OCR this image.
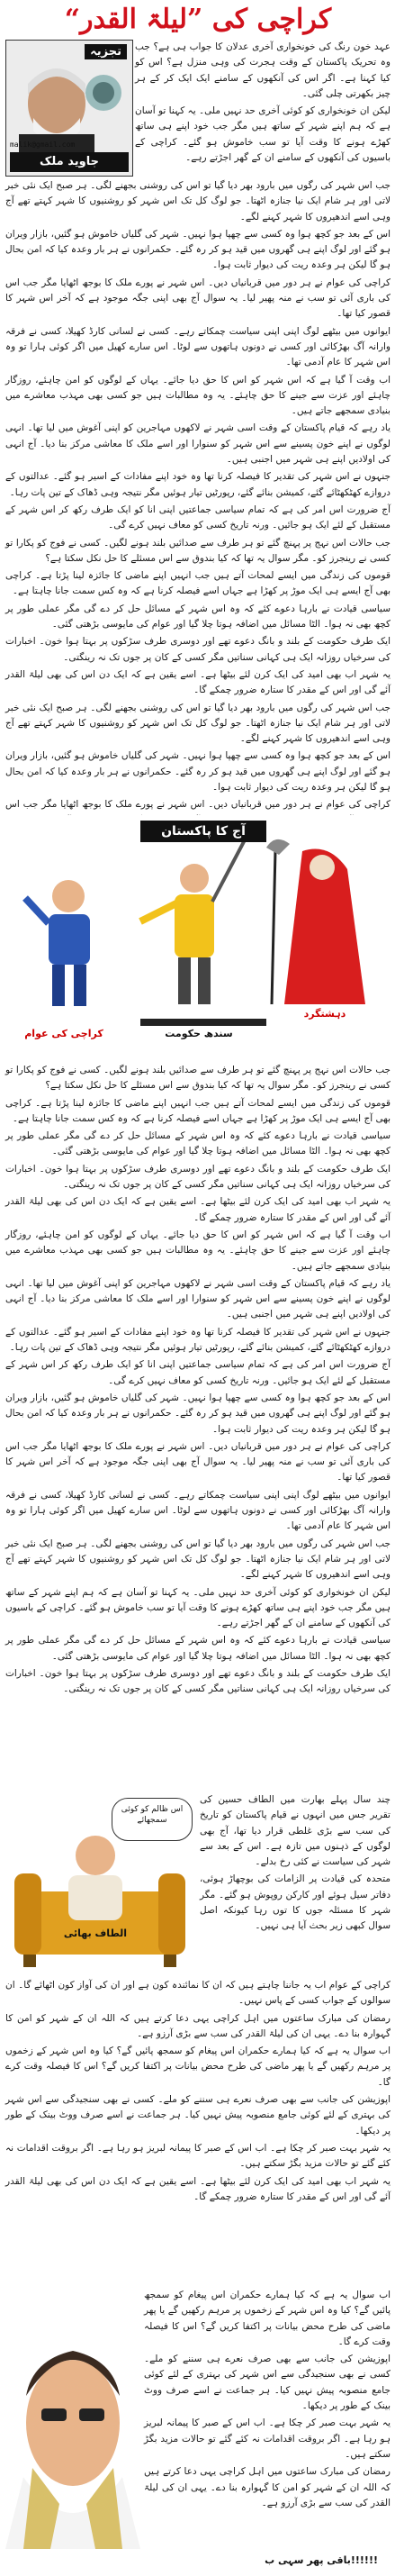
کراچی کی ”لیلۃ القدر“
تجزیہ
malik@gmail.com
جاوید ملک

عہد خون رنگ کی خونخواری آخری عدلان کا جواب ہی ہے؟ جب وہ تحریک پاکستان کے وقت ہجرت کی وہی منزل ہے؟ اس کو کیا کہنا ہے۔ اگر اس کی آنکھوں کے سامنے ایک ایک کر کے ہر چیز بکھرتی چلی گئی۔

لیکن ان خونخواری کو کوئی آخری حد نہیں ملی۔ یہ کہنا تو آسان ہے کہ ہم اپنے شہر کے ساتھ ہیں مگر جب خود اپنے ہی ساتھ کھڑے ہونے کا وقت آیا تو سب خاموش ہو گئے۔ کراچی کے باسیوں کی آنکھوں کے سامنے ان کے گھر اجڑتے رہے۔

جب اس شہر کی رگوں میں بارود بھر دیا گیا تو اس کی روشنی بجھنے لگی۔ ہر صبح ایک نئی خبر لاتی اور ہر شام ایک نیا جنازہ اٹھتا۔ جو لوگ کل تک اس شہر کو روشنیوں کا شہر کہتے تھے آج وہی اسے اندھیروں کا شہر کہنے لگے۔

اس کے بعد جو کچھ ہوا وہ کسی سے چھپا ہوا نہیں۔ شہر کی گلیاں خاموش ہو گئیں، بازار ویران ہو گئے اور لوگ اپنے ہی گھروں میں قید ہو کر رہ گئے۔ حکمرانوں نے ہر بار وعدہ کیا کہ امن بحال ہو گا لیکن ہر وعدہ ریت کی دیوار ثابت ہوا۔

کراچی کی عوام نے ہر دور میں قربانیاں دیں۔ اس شہر نے پورے ملک کا بوجھ اٹھایا مگر جب اس کی باری آئی تو سب نے منہ پھیر لیا۔ یہ سوال آج بھی اپنی جگہ موجود ہے کہ آخر اس شہر کا قصور کیا تھا۔

ایوانوں میں بیٹھے لوگ اپنی اپنی سیاست چمکاتے رہے۔ کسی نے لسانی کارڈ کھیلا، کسی نے فرقہ وارانہ آگ بھڑکائی اور کسی نے دونوں ہاتھوں سے لوٹا۔ اس سارے کھیل میں اگر کوئی ہارا تو وہ اس شہر کا عام آدمی تھا۔

اب وقت آ گیا ہے کہ اس شہر کو اس کا حق دیا جائے۔ یہاں کے لوگوں کو امن چاہئے، روزگار چاہئے اور عزت سے جینے کا حق چاہئے۔ یہ وہ مطالبات ہیں جو کسی بھی مہذب معاشرے میں بنیادی سمجھے جاتے ہیں۔

یاد رہے کہ قیام پاکستان کے وقت اسی شہر نے لاکھوں مہاجرین کو اپنی آغوش میں لیا تھا۔ انہی لوگوں نے اپنے خون پسینے سے اس شہر کو سنوارا اور اسے ملک کا معاشی مرکز بنا دیا۔ آج انہی کی اولادیں اپنے ہی شہر میں اجنبی ہیں۔

جنہوں نے اس شہر کی تقدیر کا فیصلہ کرنا تھا وہ خود اپنے مفادات کے اسیر ہو گئے۔ عدالتوں کے دروازے کھٹکھٹائے گئے، کمیشن بنائے گئے، رپورٹیں تیار ہوئیں مگر نتیجہ وہی ڈھاک کے تین پات رہا۔

آج ضرورت اس امر کی ہے کہ تمام سیاسی جماعتیں اپنی انا کو ایک طرف رکھ کر اس شہر کے مستقبل کے لئے ایک ہو جائیں۔ ورنہ تاریخ کسی کو معاف نہیں کرے گی۔

جب حالات اس نہج پر پہنچ گئے تو ہر طرف سے صدائیں بلند ہونے لگیں۔ کسی نے فوج کو پکارا تو کسی نے رینجرز کو۔ مگر سوال یہ تھا کہ کیا بندوق سے اس مسئلے کا حل نکل سکتا ہے؟

قوموں کی زندگی میں ایسے لمحات آتے ہیں جب انہیں اپنے ماضی کا جائزہ لینا پڑتا ہے۔ کراچی بھی آج ایسے ہی ایک موڑ پر کھڑا ہے جہاں اسے فیصلہ کرنا ہے کہ وہ کس سمت جانا چاہتا ہے۔

سیاسی قیادت نے بارہا دعوے کئے کہ وہ اس شہر کے مسائل حل کر دے گی مگر عملی طور پر کچھ بھی نہ ہوا۔ الٹا مسائل میں اضافہ ہوتا چلا گیا اور عوام کی مایوسی بڑھتی گئی۔

ایک طرف حکومت کے بلند و بانگ دعوے تھے اور دوسری طرف سڑکوں پر بہتا ہوا خون۔ اخبارات کی سرخیاں روزانہ ایک ہی کہانی سناتیں مگر کسی کے کان پر جوں تک نہ رینگتی۔

یہ شہر اب بھی امید کی ایک کرن لئے بیٹھا ہے۔ اسے یقین ہے کہ ایک دن اس کی بھی لیلۃ القدر آئے گی اور اس کے مقدر کا ستارہ ضرور چمکے گا۔

جب اس شہر کی رگوں میں بارود بھر دیا گیا تو اس کی روشنی بجھنے لگی۔ ہر صبح ایک نئی خبر لاتی اور ہر شام ایک نیا جنازہ اٹھتا۔ جو لوگ کل تک اس شہر کو روشنیوں کا شہر کہتے تھے آج وہی اسے اندھیروں کا شہر کہنے لگے۔

اس کے بعد جو کچھ ہوا وہ کسی سے چھپا ہوا نہیں۔ شہر کی گلیاں خاموش ہو گئیں، بازار ویران ہو گئے اور لوگ اپنے ہی گھروں میں قید ہو کر رہ گئے۔ حکمرانوں نے ہر بار وعدہ کیا کہ امن بحال ہو گا لیکن ہر وعدہ ریت کی دیوار ثابت ہوا۔

کراچی کی عوام نے ہر دور میں قربانیاں دیں۔ اس شہر نے پورے ملک کا بوجھ اٹھایا مگر جب اس

آج کا پاکستان
کراچی کی عوام	سندھ حکومت
دہشتگرد

جب حالات اس نہج پر پہنچ گئے تو ہر طرف سے صدائیں بلند ہونے لگیں۔ کسی نے فوج کو پکارا تو کسی نے رینجرز کو۔ مگر سوال یہ تھا کہ کیا بندوق سے اس مسئلے کا حل نکل سکتا ہے؟

قوموں کی زندگی میں ایسے لمحات آتے ہیں جب انہیں اپنے ماضی کا جائزہ لینا پڑتا ہے۔ کراچی بھی آج ایسے ہی ایک موڑ پر کھڑا ہے جہاں اسے فیصلہ کرنا ہے کہ وہ کس سمت جانا چاہتا ہے۔

سیاسی قیادت نے بارہا دعوے کئے کہ وہ اس شہر کے مسائل حل کر دے گی مگر عملی طور پر کچھ بھی نہ ہوا۔ الٹا مسائل میں اضافہ ہوتا چلا گیا اور عوام کی مایوسی بڑھتی گئی۔

ایک طرف حکومت کے بلند و بانگ دعوے تھے اور دوسری طرف سڑکوں پر بہتا ہوا خون۔ اخبارات کی سرخیاں روزانہ ایک ہی کہانی سناتیں مگر کسی کے کان پر جوں تک نہ رینگتی۔

یہ شہر اب بھی امید کی ایک کرن لئے بیٹھا ہے۔ اسے یقین ہے کہ ایک دن اس کی بھی لیلۃ القدر آئے گی اور اس کے مقدر کا ستارہ ضرور چمکے گا۔

اب وقت آ گیا ہے کہ اس شہر کو اس کا حق دیا جائے۔ یہاں کے لوگوں کو امن چاہئے، روزگار چاہئے اور عزت سے جینے کا حق چاہئے۔ یہ وہ مطالبات ہیں جو کسی بھی مہذب معاشرے میں بنیادی سمجھے جاتے ہیں۔

یاد رہے کہ قیام پاکستان کے وقت اسی شہر نے لاکھوں مہاجرین کو اپنی آغوش میں لیا تھا۔ انہی لوگوں نے اپنے خون پسینے سے اس شہر کو سنوارا اور اسے ملک کا معاشی مرکز بنا دیا۔ آج انہی کی اولادیں اپنے ہی شہر میں اجنبی ہیں۔

جنہوں نے اس شہر کی تقدیر کا فیصلہ کرنا تھا وہ خود اپنے مفادات کے اسیر ہو گئے۔ عدالتوں کے دروازے کھٹکھٹائے گئے، کمیشن بنائے گئے، رپورٹیں تیار ہوئیں مگر نتیجہ وہی ڈھاک کے تین پات رہا۔

آج ضرورت اس امر کی ہے کہ تمام سیاسی جماعتیں اپنی انا کو ایک طرف رکھ کر اس شہر کے مستقبل کے لئے ایک ہو جائیں۔ ورنہ تاریخ کسی کو معاف نہیں کرے گی۔

اس کے بعد جو کچھ ہوا وہ کسی سے چھپا ہوا نہیں۔ شہر کی گلیاں خاموش ہو گئیں، بازار ویران ہو گئے اور لوگ اپنے ہی گھروں میں قید ہو کر رہ گئے۔ حکمرانوں نے ہر بار وعدہ کیا کہ امن بحال ہو گا لیکن ہر وعدہ ریت کی دیوار ثابت ہوا۔

کراچی کی عوام نے ہر دور میں قربانیاں دیں۔ اس شہر نے پورے ملک کا بوجھ اٹھایا مگر جب اس کی باری آئی تو سب نے منہ پھیر لیا۔ یہ سوال آج بھی اپنی جگہ موجود ہے کہ آخر اس شہر کا قصور کیا تھا۔

ایوانوں میں بیٹھے لوگ اپنی اپنی سیاست چمکاتے رہے۔ کسی نے لسانی کارڈ کھیلا، کسی نے فرقہ وارانہ آگ بھڑکائی اور کسی نے دونوں ہاتھوں سے لوٹا۔ اس سارے کھیل میں اگر کوئی ہارا تو وہ اس شہر کا عام آدمی تھا۔

جب اس شہر کی رگوں میں بارود بھر دیا گیا تو اس کی روشنی بجھنے لگی۔ ہر صبح ایک نئی خبر لاتی اور ہر شام ایک نیا جنازہ اٹھتا۔ جو لوگ کل تک اس شہر کو روشنیوں کا شہر کہتے تھے آج وہی اسے اندھیروں کا شہر کہنے لگے۔

لیکن ان خونخواری کو کوئی آخری حد نہیں ملی۔ یہ کہنا تو آسان ہے کہ ہم اپنے شہر کے ساتھ ہیں مگر جب خود اپنے ہی ساتھ کھڑے ہونے کا وقت آیا تو سب خاموش ہو گئے۔ کراچی کے باسیوں کی آنکھوں کے سامنے ان کے گھر اجڑتے رہے۔

سیاسی قیادت نے بارہا دعوے کئے کہ وہ اس شہر کے مسائل حل کر دے گی مگر عملی طور پر کچھ بھی نہ ہوا۔ الٹا مسائل میں اضافہ ہوتا چلا گیا اور عوام کی مایوسی بڑھتی گئی۔

ایک طرف حکومت کے بلند و بانگ دعوے تھے اور دوسری طرف سڑکوں پر بہتا ہوا خون۔ اخبارات کی سرخیاں روزانہ ایک ہی کہانی سناتیں مگر کسی کے کان پر جوں تک نہ رینگتی۔

اس ظالم کو کوئی سمجھائے
الطاف بھائی

چند سال پہلے بھارت میں الطاف حسین کی تقریر جس میں انہوں نے قیام پاکستان کو تاریخ کی سب سے بڑی غلطی قرار دیا تھا، آج بھی لوگوں کے ذہنوں میں تازہ ہے۔ اس کے بعد سے شہر کی سیاست نے کئی رخ بدلے۔

متحدہ کی قیادت پر الزامات کی بوچھاڑ ہوئی، دفاتر سیل ہوئے اور کارکن روپوش ہو گئے۔ مگر شہر کا مسئلہ جوں کا توں رہا کیونکہ اصل سوال کبھی زیر بحث آیا ہی نہیں۔

کراچی کے عوام اب یہ جاننا چاہتے ہیں کہ ان کا نمائندہ کون ہے اور ان کی آواز کون اٹھائے گا۔ ان سوالوں کے جواب کسی کے پاس نہیں۔

رمضان کی مبارک ساعتوں میں اہل کراچی یہی دعا کرتے ہیں کہ اللہ ان کے شہر کو امن کا گہوارہ بنا دے۔ یہی ان کی لیلۃ القدر کی سب سے بڑی آرزو ہے۔

اب سوال یہ ہے کہ کیا ہمارے حکمران اس پیغام کو سمجھ پائیں گے؟ کیا وہ اس شہر کے زخموں پر مرہم رکھیں گے یا پھر ماضی کی طرح محض بیانات پر اکتفا کریں گے؟ اس کا فیصلہ وقت کرے گا۔

اپوزیشن کی جانب سے بھی صرف نعرے ہی سننے کو ملے۔ کسی نے بھی سنجیدگی سے اس شہر کی بہتری کے لئے کوئی جامع منصوبہ پیش نہیں کیا۔ ہر جماعت نے اسے صرف ووٹ بینک کے طور پر دیکھا۔

یہ شہر بہت صبر کر چکا ہے۔ اب اس کے صبر کا پیمانہ لبریز ہو رہا ہے۔ اگر بروقت اقدامات نہ کئے گئے تو حالات مزید بگڑ سکتے ہیں۔

یہ شہر اب بھی امید کی ایک کرن لئے بیٹھا ہے۔ اسے یقین ہے کہ ایک دن اس کی بھی لیلۃ القدر آئے گی اور اس کے مقدر کا ستارہ ضرور چمکے گا۔

اب سوال یہ ہے کہ کیا ہمارے حکمران اس پیغام کو سمجھ پائیں گے؟ کیا وہ اس شہر کے زخموں پر مرہم رکھیں گے یا پھر ماضی کی طرح محض بیانات پر اکتفا کریں گے؟ اس کا فیصلہ وقت کرے گا۔

اپوزیشن کی جانب سے بھی صرف نعرے ہی سننے کو ملے۔ کسی نے بھی سنجیدگی سے اس شہر کی بہتری کے لئے کوئی جامع منصوبہ پیش نہیں کیا۔ ہر جماعت نے اسے صرف ووٹ بینک کے طور پر دیکھا۔

یہ شہر بہت صبر کر چکا ہے۔ اب اس کے صبر کا پیمانہ لبریز ہو رہا ہے۔ اگر بروقت اقدامات نہ کئے گئے تو حالات مزید بگڑ سکتے ہیں۔

رمضان کی مبارک ساعتوں میں اہل کراچی یہی دعا کرتے ہیں کہ اللہ ان کے شہر کو امن کا گہوارہ بنا دے۔ یہی ان کی لیلۃ القدر کی سب سے بڑی آرزو ہے۔

!!!!!!باقی پھر سہی ب
